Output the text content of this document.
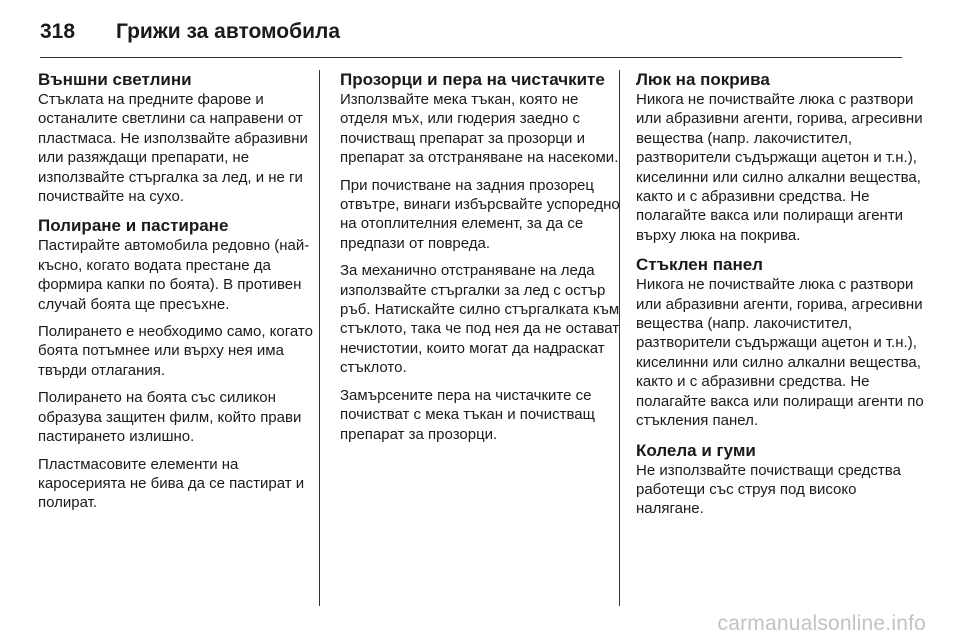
318	Грижи за автомобила
Външни светлини

Стъклата на предните фарове и останалите светлини са направени от пластмаса. Не използвайте абразивни или разяждащи препарати, не използвайте стъргалка за лед, и не ги почиствайте на сухо.

Полиране и пастиране

Пастирайте автомобила редовно (най-късно, когато водата престане да формира капки по боята). В противен случай боята ще пресъхне.

Полирането е необходимо само, когато боята потъмнее или върху нея има твърди отлагания.

Полирането на боята със силикон образува защитен филм, който прави пастирането излишно.

Пластмасовите елементи на каросерията не бива да се пастират и полират.

Прозорци и пера на чистачките

Използвайте мека тъкан, която не отделя мъх, или гюдерия заедно с почистващ препарат за прозорци и препарат за отстраняване на насекоми.

При почистване на задния прозорец отвътре, винаги избърсвайте успоредно на отоплителния елемент, за да се предпази от повреда.

За механично отстраняване на леда използвайте стъргалки за лед с остър ръб. Натискайте силно стъргалката към стъклото, така че под нея да не остават нечистотии, които могат да надраскат стъклото.

Замърсените пера на чистачките се почистват с мека тъкан и почистващ препарат за прозорци.

Люк на покрива

Никога не почиствайте люка с разтвори или абразивни агенти, горива, агресивни вещества (напр. лакочистител, разтворители съдържащи ацетон и т.н.), киселинни или силно алкални вещества, както и с абразивни средства. Не полагайте вакса или полиращи агенти върху люка на покрива.

Стъклен панел

Никога не почиствайте люка с разтвори или абразивни агенти, горива, агресивни вещества (напр. лакочистител, разтворители съдържащи ацетон и т.н.), киселинни или силно алкални вещества, както и с абразивни средства. Не полагайте вакса или полиращи агенти по стъкления панел.

Колела и гуми

Не използвайте почистващи средства работещи със струя под високо налягане.

carmanualsonline.info
